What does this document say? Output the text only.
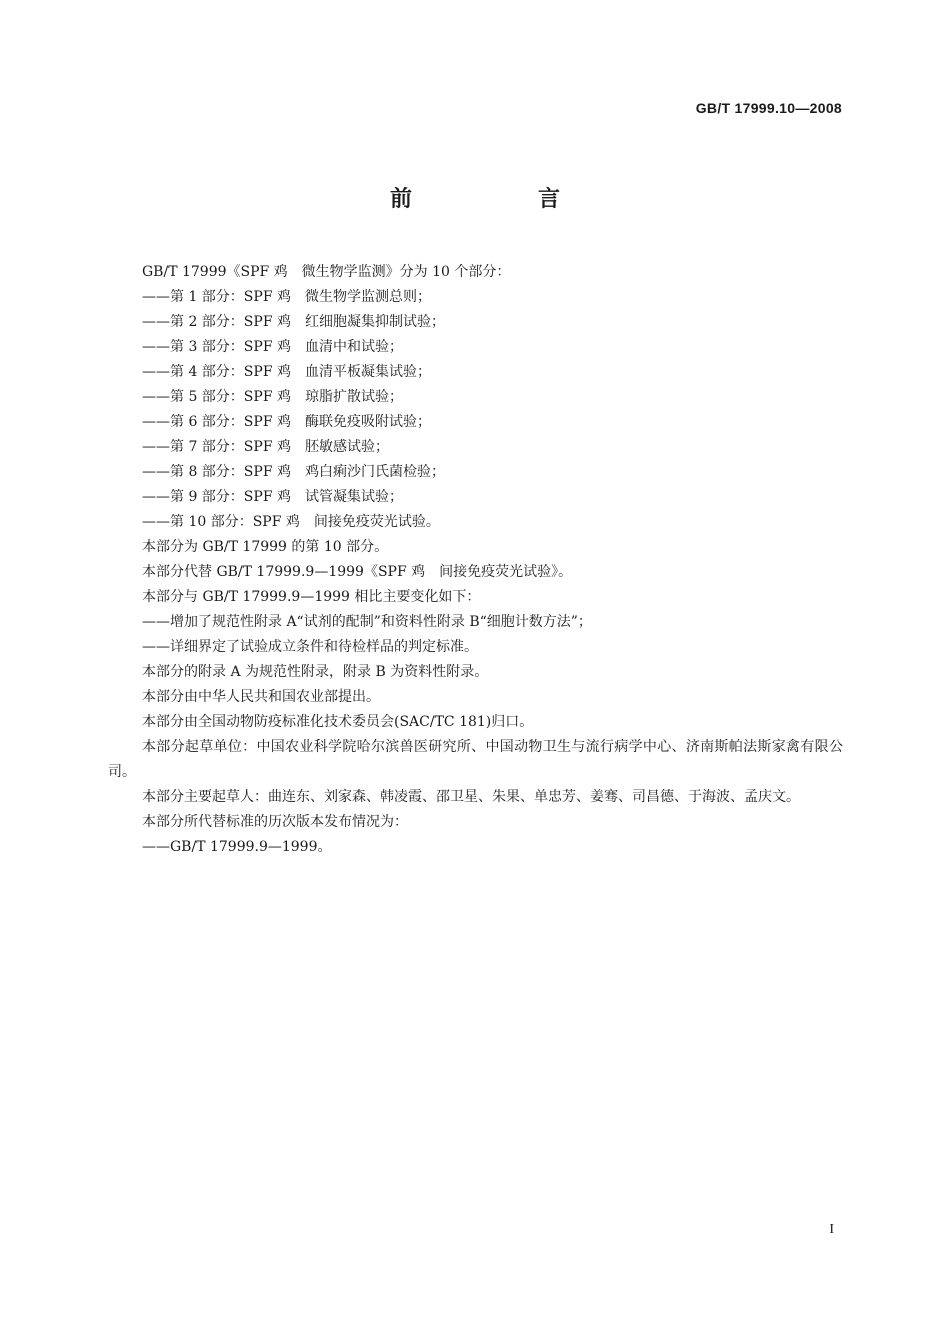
GB/T 17999.10—2008
前　言

GB/T 17999《SPF 鸡　微生物学监测》分为 10 个部分：

——第 1 部分：SPF 鸡　微生物学监测总则；

——第 2 部分：SPF 鸡　红细胞凝集抑制试验；

——第 3 部分：SPF 鸡　血清中和试验；

——第 4 部分：SPF 鸡　血清平板凝集试验；

——第 5 部分：SPF 鸡　琼脂扩散试验；

——第 6 部分：SPF 鸡　酶联免疫吸附试验；

——第 7 部分：SPF 鸡　胚敏感试验；

——第 8 部分：SPF 鸡　鸡白痢沙门氏菌检验；

——第 9 部分：SPF 鸡　试管凝集试验；

——第 10 部分：SPF 鸡　间接免疫荧光试验。

本部分为 GB/T 17999 的第 10 部分。

本部分代替 GB/T 17999.9—1999《SPF 鸡　间接免疫荧光试验》。

本部分与 GB/T 17999.9—1999 相比主要变化如下：

——增加了规范性附录 A“试剂的配制”和资料性附录 B“细胞计数方法”；

——详细界定了试验成立条件和待检样品的判定标准。

本部分的附录 A 为规范性附录，附录 B 为资料性附录。

本部分由中华人民共和国农业部提出。

本部分由全国动物防疫标准化技术委员会(SAC/TC 181)归口。

本部分起草单位：中国农业科学院哈尔滨兽医研究所、中国动物卫生与流行病学中心、济南斯帕法斯家禽有限公司。

本部分主要起草人：曲连东、刘家森、韩凌霞、邵卫星、朱果、单忠芳、姜骞、司昌德、于海波、孟庆文。

本部分所代替标准的历次版本发布情况为：

——GB/T 17999.9—1999。

I
